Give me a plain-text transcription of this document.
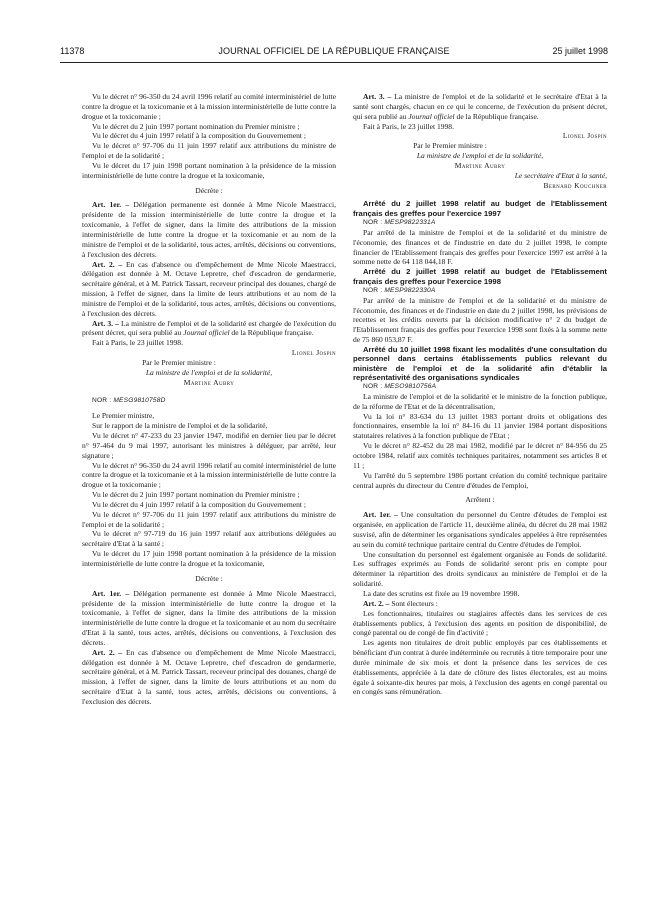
11378	JOURNAL OFFICIEL DE LA RÉPUBLIQUE FRANÇAISE	25 juillet 1998

Vu le décret n° 96-350 du 24 avril 1996 relatif au comité interministériel de lutte contre la drogue et la toxicomanie et à la mission interministérielle de lutte contre la drogue et la toxicomanie ;

Vu le décret du 2 juin 1997 portant nomination du Premier ministre ;

Vu le décret du 4 juin 1997 relatif à la composition du Gouvernement ;

Vu le décret n° 97-706 du 11 juin 1997 relatif aux attributions du ministre de l'emploi et de la solidarité ;

Vu le décret du 17 juin 1998 portant nomination à la présidence de la mission interministérielle de lutte contre la drogue et la toxicomanie,

Décrète :

Art. 1er. – Délégation permanente est donnée à Mme Nicole Maestracci, présidente de la mission interministérielle de lutte contre la drogue et la toxicomanie, à l'effet de signer, dans la limite des attributions de la mission interministérielle de lutte contre la drogue et la toxicomanie et au nom de la ministre de l'emploi et de la solidarité, tous actes, arrêtés, décisions ou conventions, à l'exclusion des décrets.

Art. 2. – En cas d'absence ou d'empêchement de Mme Nicole Maestracci, délégation est donnée à M. Octave Lepretre, chef d'escadron de gendarmerie, secrétaire général, et à M. Patrick Tassart, receveur principal des douanes, chargé de mission, à l'effet de signer, dans la limite de leurs attributions et au nom de la ministre de l'emploi et de la solidarité, tous actes, arrêtés, décisions ou conventions, à l'exclusion des décrets.

Art. 3. – La ministre de l'emploi et de la solidarité est chargée de l'exécution du présent décret, qui sera publié au Journal officiel de la République française.

Fait à Paris, le 23 juillet 1998.

Lionel Jospin

Par le Premier ministre :

La ministre de l'emploi et de la solidarité,

Martine Aubry

NOR : MESG9810758D

Le Premier ministre,

Sur le rapport de la ministre de l'emploi et de la solidarité,

Vu le décret n° 47-233 du 23 janvier 1947, modifié en dernier lieu par le décret n° 97-464 du 9 mai 1997, autorisant les ministres à déléguer, par arrêté, leur signature ;

Vu le décret n° 96-350 du 24 avril 1996 relatif au comité interministériel de lutte contre la drogue et la toxicomanie et à la mission interministérielle de lutte contre la drogue et la toxicomanie ;

Vu le décret du 2 juin 1997 portant nomination du Premier ministre ;

Vu le décret du 4 juin 1997 relatif à la composition du Gouvernement ;

Vu le décret n° 97-706 du 11 juin 1997 relatif aux attributions du ministre de l'emploi et de la solidarité ;

Vu le décret n° 97-719 du 16 juin 1997 relatif aux attributions déléguées au secrétaire d'Etat à la santé ;

Vu le décret du 17 juin 1998 portant nomination à la présidence de la mission interministérielle de lutte contre la drogue et la toxicomanie,

Décrète :

Art. 1er. – Délégation permanente est donnée à Mme Nicole Maestracci, présidente de la mission interministérielle de lutte contre la drogue et la toxicomanie, à l'effet de signer, dans la limite des attributions de la mission interministérielle de lutte contre la drogue et la toxicomanie et au nom du secrétaire d'Etat à la santé, tous actes, arrêtés, décisions ou conventions, à l'exclusion des décrets.

Art. 2. – En cas d'absence ou d'empêchement de Mme Nicole Maestracci, délégation est donnée à M. Octave Lepretre, chef d'escadron de gendarmerie, secrétaire général, et à M. Patrick Tassart, receveur principal des douanes, chargé de mission, à l'effet de signer, dans la limite de leurs attributions et au nom du secrétaire d'Etat à la santé, tous actes, arrêtés, décisions ou conventions, à l'exclusion des décrets.

Art. 3. – La ministre de l'emploi et de la solidarité et le secrétaire d'Etat à la santé sont chargés, chacun en ce qui le concerne, de l'exécution du présent décret, qui sera publié au Journal officiel de la République française.

Fait à Paris, le 23 juillet 1998.

Lionel Jospin

Par le Premier ministre :

La ministre de l'emploi et de la solidarité,

Martine Aubry

Le secrétaire d'Etat à la santé,

Bernard Kouchner

Arrêté du 2 juillet 1998 relatif au budget de l'Etablissement français des greffes pour l'exercice 1997

NOR : MESP9822331A

Par arrêté de la ministre de l'emploi et de la solidarité et du ministre de l'économie, des finances et de l'industrie en date du 2 juillet 1998, le compte financier de l'Etablissement français des greffes pour l'exercice 1997 est arrêté à la somme nette de 64 118 044,18 F.

Arrêté du 2 juillet 1998 relatif au budget de l'Etablissement français des greffes pour l'exercice 1998

NOR : MESP9822330A

Par arrêté de la ministre de l'emploi et de la solidarité et du ministre de l'économie, des finances et de l'industrie en date du 2 juillet 1998, les prévisions de recettes et les crédits ouverts par la décision modificative n° 2 du budget de l'Etablissement français des greffes pour l'exercice 1998 sont fixés à la somme nette de 75 860 053,87 F.

Arrêté du 10 juillet 1998 fixant les modalités d'une consultation du personnel dans certains établissements publics relevant du ministère de l'emploi et de la solidarité afin d'établir la représentativité des organisations syndicales

NOR : MESO9810756A

La ministre de l'emploi et de la solidarité et le ministre de la fonction publique, de la réforme de l'Etat et de la décentralisation,

Vu la loi n° 83-634 du 13 juillet 1983 portant droits et obligations des fonctionnaires, ensemble la loi n° 84-16 du 11 janvier 1984 portant dispositions statutaires relatives à la fonction publique de l'Etat ;

Vu le décret n° 82-452 du 28 mai 1982, modifié par le décret n° 84-956 du 25 octobre 1984, relatif aux comités techniques paritaires, notamment ses articles 8 et 11 ;

Vu l'arrêté du 5 septembre 1986 portant création du comité technique paritaire central auprès du directeur du Centre d'études de l'emploi,

Arrêtent :

Art. 1er. – Une consultation du personnel du Centre d'études de l'emploi est organisée, en application de l'article 11, deuxième alinéa, du décret du 28 mai 1982 susvisé, afin de déterminer les organisations syndicales appelées à être représentées au sein du comité technique paritaire central du Centre d'études de l'emploi.

Une consultation du personnel est également organisée au Fonds de solidarité. Les suffrages exprimés au Fonds de solidarité seront pris en compte pour déterminer la répartition des droits syndicaux au ministère de l'emploi et de la solidarité.

La date des scrutins est fixée au 19 novembre 1998.

Art. 2. – Sont électeurs :

Les fonctionnaires, titulaires ou stagiaires affectés dans les services de ces établissements publics, à l'exclusion des agents en position de disponibilité, de congé parental ou de congé de fin d'activité ;

Les agents non titulaires de droit public employés par ces établissements et bénéficiant d'un contrat à durée indéterminée ou recrutés à titre temporaire pour une durée minimale de six mois et dont la présence dans les services de ces établissements, appréciée à la date de clôture des listes électorales, est au moins égale à soixante-dix heures par mois, à l'exclusion des agents en congé parental ou en congés sans rémunération.
